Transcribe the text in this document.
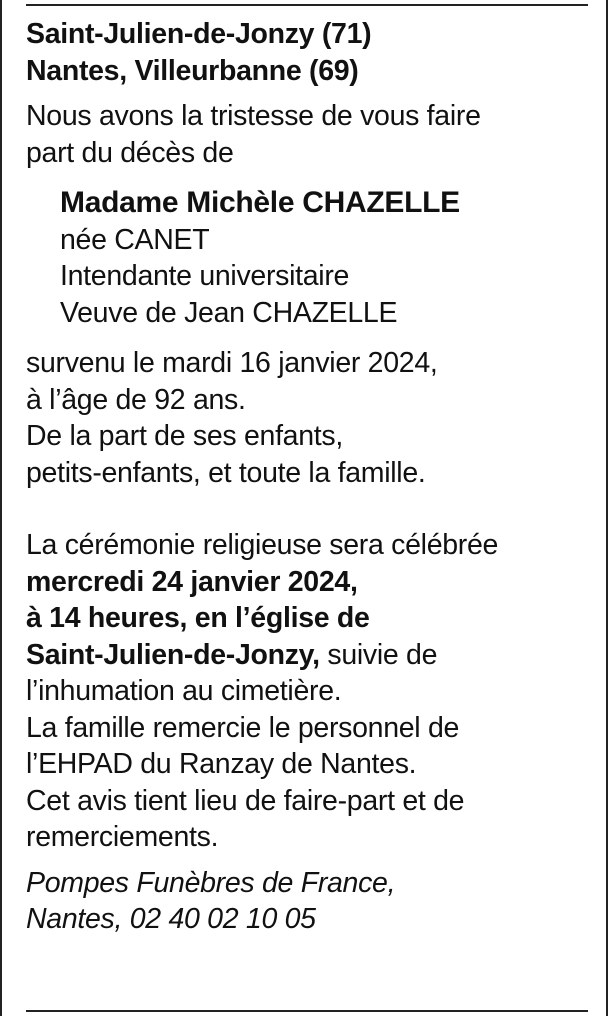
Saint-Julien-de-Jonzy (71)
Nantes, Villeurbanne (69)
Nous avons la tristesse de vous faire
part du décès de
Madame Michèle CHAZELLE
née CANET
Intendante universitaire
Veuve de Jean CHAZELLE
survenu le mardi 16 janvier 2024,
à l’âge de 92 ans.
De la part de ses enfants,
petits-enfants, et toute la famille.
La cérémonie religieuse sera célébrée
mercredi 24 janvier 2024,
à 14 heures, en l’église de
Saint-Julien-de-Jonzy, suivie de
l’inhumation au cimetière.
La famille remercie le personnel de
l’EHPAD du Ranzay de Nantes.
Cet avis tient lieu de faire-part et de
remerciements.
Pompes Funèbres de France,
Nantes, 02 40 02 10 05
